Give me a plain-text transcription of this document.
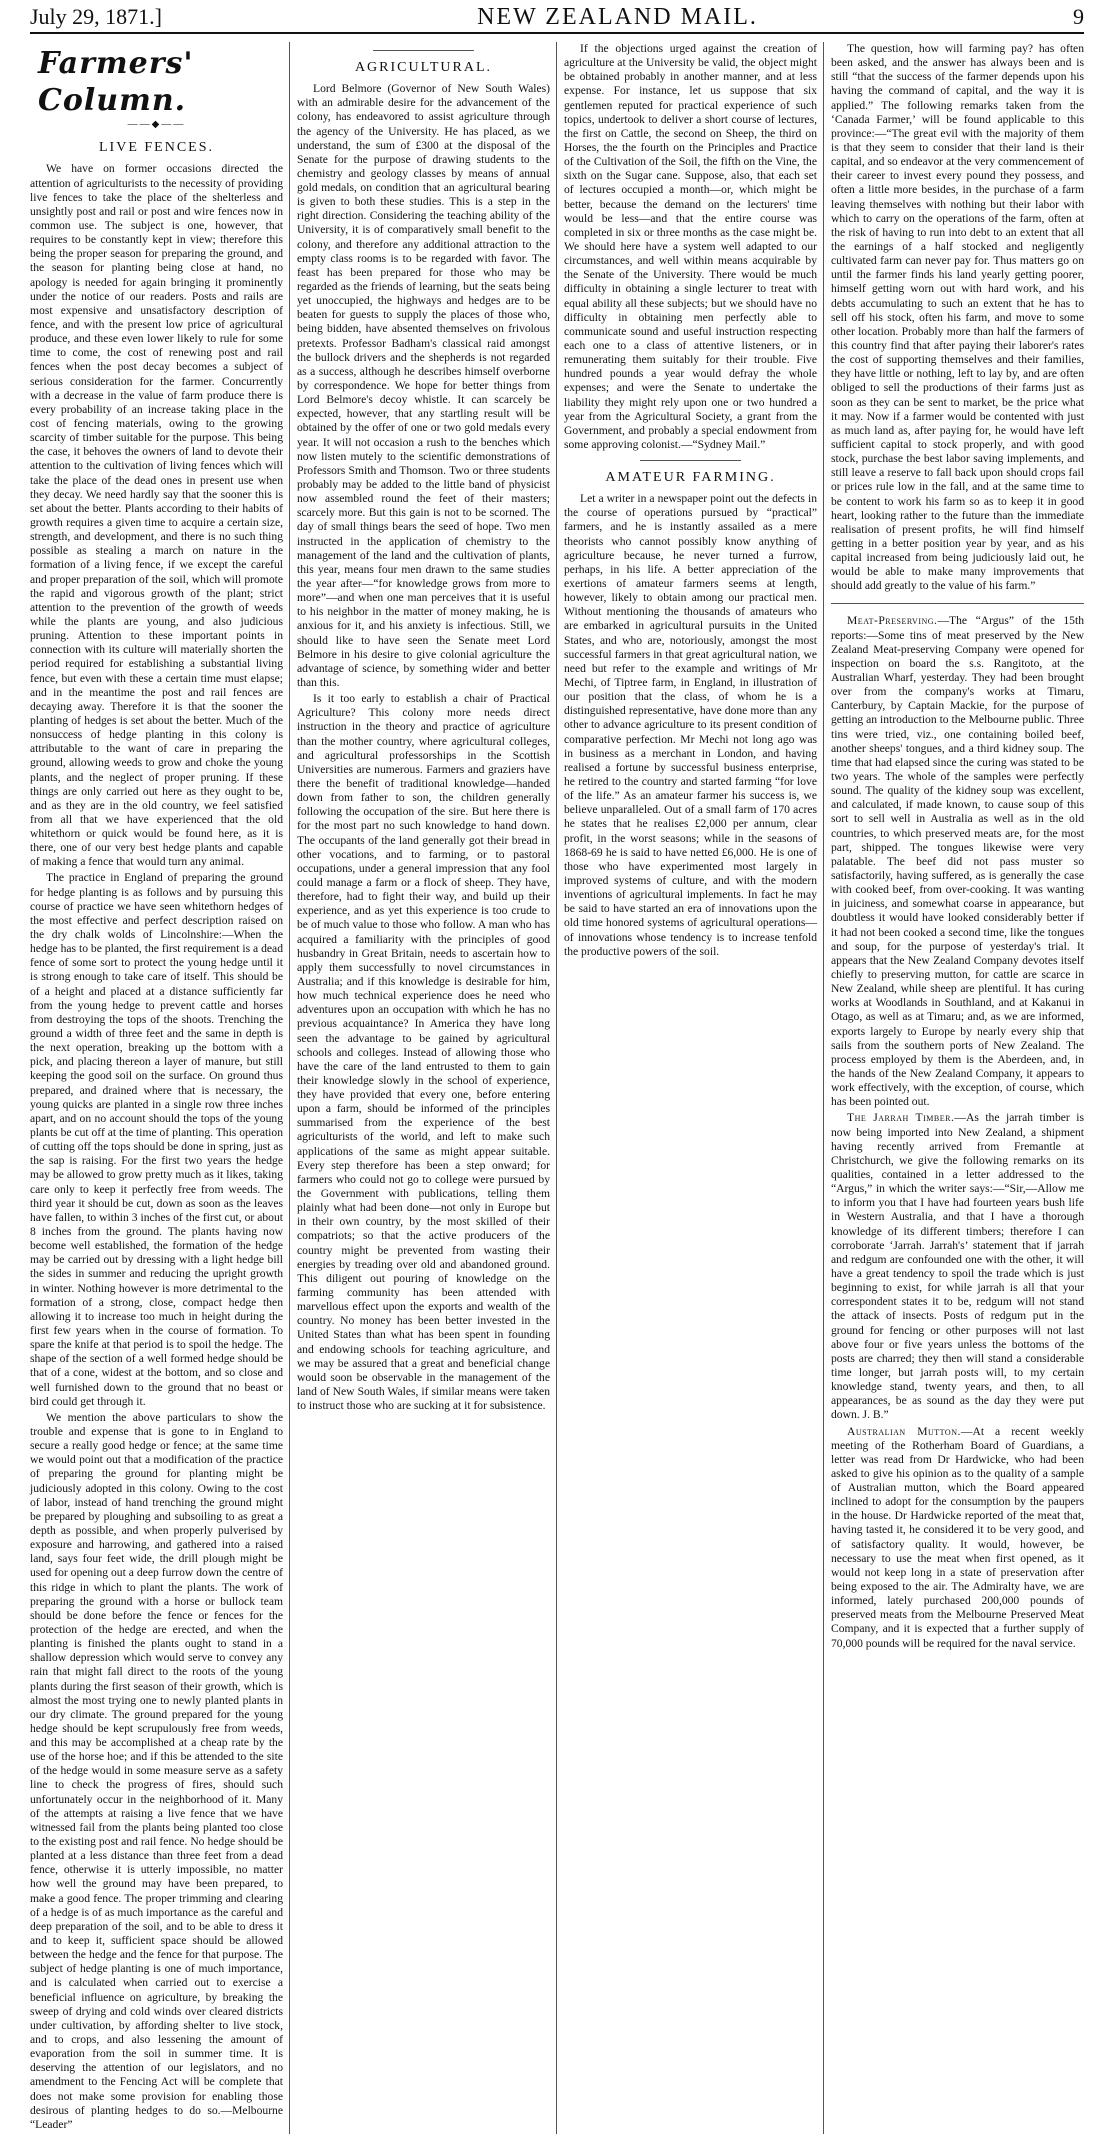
July 29, 1871.]	NEW ZEALAND MAIL.	9
Farmers' Column.
——◆——
LIVE FENCES.

We have on former occasions directed the attention of agriculturists to the necessity of providing live fences to take the place of the shelterless and unsightly post and rail or post and wire fences now in common use. The subject is one, however, that requires to be constantly kept in view; therefore this being the proper season for preparing the ground, and the season for planting being close at hand, no apology is needed for again bringing it prominently under the notice of our readers. Posts and rails are most expensive and unsatisfactory description of fence, and with the present low price of agricultural produce, and these even lower likely to rule for some time to come, the cost of renewing post and rail fences when the post decay becomes a subject of serious consideration for the farmer. Concurrently with a decrease in the value of farm produce there is every probability of an increase taking place in the cost of fencing materials, owing to the growing scarcity of timber suitable for the purpose. This being the case, it behoves the owners of land to devote their attention to the cultivation of living fences which will take the place of the dead ones in present use when they decay. We need hardly say that the sooner this is set about the better. Plants according to their habits of growth requires a given time to acquire a certain size, strength, and development, and there is no such thing possible as stealing a march on nature in the formation of a living fence, if we except the careful and proper preparation of the soil, which will promote the rapid and vigorous growth of the plant; strict attention to the prevention of the growth of weeds while the plants are young, and also judicious pruning. Attention to these important points in connection with its culture will materially shorten the period required for establishing a substantial living fence, but even with these a certain time must elapse; and in the meantime the post and rail fences are decaying away. Therefore it is that the sooner the planting of hedges is set about the better. Much of the nonsuccess of hedge planting in this colony is attributable to the want of care in preparing the ground, allowing weeds to grow and choke the young plants, and the neglect of proper pruning. If these things are only carried out here as they ought to be, and as they are in the old country, we feel satisfied from all that we have experienced that the old whitethorn or quick would be found here, as it is there, one of our very best hedge plants and capable of making a fence that would turn any animal.

The practice in England of preparing the ground for hedge planting is as follows and by pursuing this course of practice we have seen whitethorn hedges of the most effective and perfect description raised on the dry chalk wolds of Lincolnshire:—When the hedge has to be planted, the first requirement is a dead fence of some sort to protect the young hedge until it is strong enough to take care of itself. This should be of a height and placed at a distance sufficiently far from the young hedge to prevent cattle and horses from destroying the tops of the shoots. Trenching the ground a width of three feet and the same in depth is the next operation, breaking up the bottom with a pick, and placing thereon a layer of manure, but still keeping the good soil on the surface. On ground thus prepared, and drained where that is necessary, the young quicks are planted in a single row three inches apart, and on no account should the tops of the young plants be cut off at the time of planting. This operation of cutting off the tops should be done in spring, just as the sap is raising. For the first two years the hedge may be allowed to grow pretty much as it likes, taking care only to keep it perfectly free from weeds. The third year it should be cut, down as soon as the leaves have fallen, to within 3 inches of the first cut, or about 8 inches from the ground. The plants having now become well established, the formation of the hedge may be carried out by dressing with a light hedge bill the sides in summer and reducing the upright growth in winter. Nothing however is more detrimental to the formation of a strong, close, compact hedge then allowing it to increase too much in height during the first few years when in the course of formation. To spare the knife at that period is to spoil the hedge. The shape of the section of a well formed hedge should be that of a cone, widest at the bottom, and so close and well furnished down to the ground that no beast or bird could get through it.

We mention the above particulars to show the trouble and expense that is gone to in England to secure a really good hedge or fence; at the same time we would point out that a modification of the practice of preparing the ground for planting might be judiciously adopted in this colony. Owing to the cost of labor, instead of hand trenching the ground might be prepared by ploughing and subsoiling to as great a depth as possible, and when properly pulverised by exposure and harrowing, and gathered into a raised land, says four feet wide, the drill plough might be used for opening out a deep furrow down the centre of this ridge in which to plant the plants. The work of preparing the ground with a horse or bullock team should be done before the fence or fences for the protection of the hedge are erected, and when the planting is finished the plants ought to stand in a shallow depression which would serve to convey any rain that might fall direct to the roots of the young plants during the first season of their growth, which is almost the most trying one to newly planted plants in our dry climate. The ground prepared for the young hedge should be kept scrupulously free from weeds, and this may be accomplished at a cheap rate by the use of the horse hoe; and if this be attended to the site of the hedge would in some measure serve as a safety line to check the progress of fires, should such unfortunately occur in the neighborhood of it. Many of the attempts at raising a live fence that we have witnessed fail from the plants being planted too close to the existing post and rail fence. No hedge should be planted at a less distance than three feet from a dead fence, otherwise it is utterly impossible, no matter how well the ground may have been prepared, to make a good fence. The proper trimming and clearing of a hedge is of as much importance as the careful and deep preparation of the soil, and to be able to dress it and to keep it, sufficient space should be allowed between the hedge and the fence for that purpose. The subject of hedge planting is one of much importance, and is calculated when carried out to exercise a beneficial influence on agriculture, by breaking the sweep of drying and cold winds over cleared districts under cultivation, by affording shelter to live stock, and to crops, and also lessening the amount of evaporation from the soil in summer time. It is deserving the attention of our legislators, and no amendment to the Fencing Act will be complete that does not make some provision for enabling those desirous of planting hedges to do so.—Melbourne “Leader”

AGRICULTURAL.

Lord Belmore (Governor of New South Wales) with an admirable desire for the advancement of the colony, has endeavored to assist agriculture through the agency of the University. He has placed, as we understand, the sum of £300 at the disposal of the Senate for the purpose of drawing students to the chemistry and geology classes by means of annual gold medals, on condition that an agricultural bearing is given to both these studies. This is a step in the right direction. Considering the teaching ability of the University, it is of comparatively small benefit to the colony, and therefore any additional attraction to the empty class rooms is to be regarded with favor. The feast has been prepared for those who may be regarded as the friends of learning, but the seats being yet unoccupied, the highways and hedges are to be beaten for guests to supply the places of those who, being bidden, have absented themselves on frivolous pretexts. Professor Badham's classical raid amongst the bullock drivers and the shepherds is not regarded as a success, although he describes himself overborne by correspondence. We hope for better things from Lord Belmore's decoy whistle. It can scarcely be expected, however, that any startling result will be obtained by the offer of one or two gold medals every year. It will not occasion a rush to the benches which now listen mutely to the scientific demonstrations of Professors Smith and Thomson. Two or three students probably may be added to the little band of physicist now assembled round the feet of their masters; scarcely more. But this gain is not to be scorned. The day of small things bears the seed of hope. Two men instructed in the application of chemistry to the management of the land and the cultivation of plants, this year, means four men drawn to the same studies the year after—“for knowledge grows from more to more”—and when one man perceives that it is useful to his neighbor in the matter of money making, he is anxious for it, and his anxiety is infectious. Still, we should like to have seen the Senate meet Lord Belmore in his desire to give colonial agriculture the advantage of science, by something wider and better than this.

Is it too early to establish a chair of Practical Agriculture? This colony more needs direct instruction in the theory and practice of agriculture than the mother country, where agricultural colleges, and agricultural professorships in the Scottish Universities are numerous. Farmers and graziers have there the benefit of traditional knowledge—handed down from father to son, the children generally following the occupation of the sire. But here there is for the most part no such knowledge to hand down. The occupants of the land generally got their bread in other vocations, and to farming, or to pastoral occupations, under a general impression that any fool could manage a farm or a flock of sheep. They have, therefore, had to fight their way, and build up their experience, and as yet this experience is too crude to be of much value to those who follow. A man who has acquired a familiarity with the principles of good husbandry in Great Britain, needs to ascertain how to apply them successfully to novel circumstances in Australia; and if this knowledge is desirable for him, how much technical experience does he need who adventures upon an occupation with which he has no previous acquaintance? In America they have long seen the advantage to be gained by agricultural schools and colleges. Instead of allowing those who have the care of the land entrusted to them to gain their knowledge slowly in the school of experience, they have provided that every one, before entering upon a farm, should be informed of the principles summarised from the experience of the best agriculturists of the world, and left to make such applications of the same as might appear suitable. Every step therefore has been a step onward; for farmers who could not go to college were pursued by the Government with publications, telling them plainly what had been done—not only in Europe but in their own country, by the most skilled of their compatriots; so that the active producers of the country might be prevented from wasting their energies by treading over old and abandoned ground. This diligent out pouring of knowledge on the farming community has been attended with marvellous effect upon the exports and wealth of the country. No money has been better invested in the United States than what has been spent in founding and endowing schools for teaching agriculture, and we may be assured that a great and beneficial change would soon be observable in the management of the land of New South Wales, if similar means were taken to instruct those who are sucking at it for subsistence.

If the objections urged against the creation of agriculture at the University be valid, the object might be obtained probably in another manner, and at less expense. For instance, let us suppose that six gentlemen reputed for practical experience of such topics, undertook to deliver a short course of lectures, the first on Cattle, the second on Sheep, the third on Horses, the the fourth on the Principles and Practice of the Cultivation of the Soil, the fifth on the Vine, the sixth on the Sugar cane. Suppose, also, that each set of lectures occupied a month—or, which might be better, because the demand on the lecturers' time would be less—and that the entire course was completed in six or three months as the case might be. We should here have a system well adapted to our circumstances, and well within means acquirable by the Senate of the University. There would be much difficulty in obtaining a single lecturer to treat with equal ability all these subjects; but we should have no difficulty in obtaining men perfectly able to communicate sound and useful instruction respecting each one to a class of attentive listeners, or in remunerating them suitably for their trouble. Five hundred pounds a year would defray the whole expenses; and were the Senate to undertake the liability they might rely upon one or two hundred a year from the Agricultural Society, a grant from the Government, and probably a special endowment from some approving colonist.—“Sydney Mail.”

AMATEUR FARMING.

Let a writer in a newspaper point out the defects in the course of operations pursued by “practical” farmers, and he is instantly assailed as a mere theorists who cannot possibly know anything of agriculture because, he never turned a furrow, perhaps, in his life. A better appreciation of the exertions of amateur farmers seems at length, however, likely to obtain among our practical men. Without mentioning the thousands of amateurs who are embarked in agricultural pursuits in the United States, and who are, notoriously, amongst the most successful farmers in that great agricultural nation, we need but refer to the example and writings of Mr Mechi, of Tiptree farm, in England, in illustration of our position that the class, of whom he is a distinguished representative, have done more than any other to advance agriculture to its present condition of comparative perfection. Mr Mechi not long ago was in business as a merchant in London, and having realised a fortune by successful business enterprise, he retired to the country and started farming “for love of the life.” As an amateur farmer his success is, we believe unparalleled. Out of a small farm of 170 acres he states that he realises £2,000 per annum, clear profit, in the worst seasons; while in the seasons of 1868-69 he is said to have netted £6,000. He is one of those who have experimented most largely in improved systems of culture, and with the modern inventions of agricultural implements. In fact he may be said to have started an era of innovations upon the old time honored systems of agricultural operations—of innovations whose tendency is to increase tenfold the productive powers of the soil.

The question, how will farming pay? has often been asked, and the answer has always been and is still “that the success of the farmer depends upon his having the command of capital, and the way it is applied.” The following remarks taken from the ‘Canada Farmer,’ will be found applicable to this province:—“The great evil with the majority of them is that they seem to consider that their land is their capital, and so endeavor at the very commencement of their career to invest every pound they possess, and often a little more besides, in the purchase of a farm leaving themselves with nothing but their labor with which to carry on the operations of the farm, often at the risk of having to run into debt to an extent that all the earnings of a half stocked and negligently cultivated farm can never pay for. Thus matters go on until the farmer finds his land yearly getting poorer, himself getting worn out with hard work, and his debts accumulating to such an extent that he has to sell off his stock, often his farm, and move to some other location. Probably more than half the farmers of this country find that after paying their laborer's rates the cost of supporting themselves and their families, they have little or nothing, left to lay by, and are often obliged to sell the productions of their farms just as soon as they can be sent to market, be the price what it may. Now if a farmer would be contented with just as much land as, after paying for, he would have left sufficient capital to stock properly, and with good stock, purchase the best labor saving implements, and still leave a reserve to fall back upon should crops fail or prices rule low in the fall, and at the same time to be content to work his farm so as to keep it in good heart, looking rather to the future than the immediate realisation of present profits, he will find himself getting in a better position year by year, and as his capital increased from being judiciously laid out, he would be able to make many improvements that should add greatly to the value of his farm.”

Meat-Preserving.—The “Argus” of the 15th reports:—Some tins of meat preserved by the New Zealand Meat-preserving Company were opened for inspection on board the s.s. Rangitoto, at the Australian Wharf, yesterday. They had been brought over from the company's works at Timaru, Canterbury, by Captain Mackie, for the purpose of getting an introduction to the Melbourne public. Three tins were tried, viz., one containing boiled beef, another sheeps' tongues, and a third kidney soup. The time that had elapsed since the curing was stated to be two years. The whole of the samples were perfectly sound. The quality of the kidney soup was excellent, and calculated, if made known, to cause soup of this sort to sell well in Australia as well as in the old countries, to which preserved meats are, for the most part, shipped. The tongues likewise were very palatable. The beef did not pass muster so satisfactorily, having suffered, as is generally the case with cooked beef, from over-cooking. It was wanting in juiciness, and somewhat coarse in appearance, but doubtless it would have looked considerably better if it had not been cooked a second time, like the tongues and soup, for the purpose of yesterday's trial. It appears that the New Zealand Company devotes itself chiefly to preserving mutton, for cattle are scarce in New Zealand, while sheep are plentiful. It has curing works at Woodlands in Southland, and at Kakanui in Otago, as well as at Timaru; and, as we are informed, exports largely to Europe by nearly every ship that sails from the southern ports of New Zealand. The process employed by them is the Aberdeen, and, in the hands of the New Zealand Company, it appears to work effectively, with the exception, of course, which has been pointed out.

The Jarrah Timber.—As the jarrah timber is now being imported into New Zealand, a shipment having recently arrived from Fremantle at Christchurch, we give the following remarks on its qualities, contained in a letter addressed to the “Argus,” in which the writer says:—“Sir,—Allow me to inform you that I have had fourteen years bush life in Western Australia, and that I have a thorough knowledge of its different timbers; therefore I can corroborate ‘Jarrah. Jarrah's’ statement that if jarrah and redgum are confounded one with the other, it will have a great tendency to spoil the trade which is just beginning to exist, for while jarrah is all that your correspondent states it to be, redgum will not stand the attack of insects. Posts of redgum put in the ground for fencing or other purposes will not last above four or five years unless the bottoms of the posts are charred; they then will stand a considerable time longer, but jarrah posts will, to my certain knowledge stand, twenty years, and then, to all appearances, be as sound as the day they were put down. J. B.”

Australian Mutton.—At a recent weekly meeting of the Rotherham Board of Guardians, a letter was read from Dr Hardwicke, who had been asked to give his opinion as to the quality of a sample of Australian mutton, which the Board appeared inclined to adopt for the consumption by the paupers in the house. Dr Hardwicke reported of the meat that, having tasted it, he considered it to be very good, and of satisfactory quality. It would, however, be necessary to use the meat when first opened, as it would not keep long in a state of preservation after being exposed to the air. The Admiralty have, we are informed, lately purchased 200,000 pounds of preserved meats from the Melbourne Preserved Meat Company, and it is expected that a further supply of 70,000 pounds will be required for the naval service.
